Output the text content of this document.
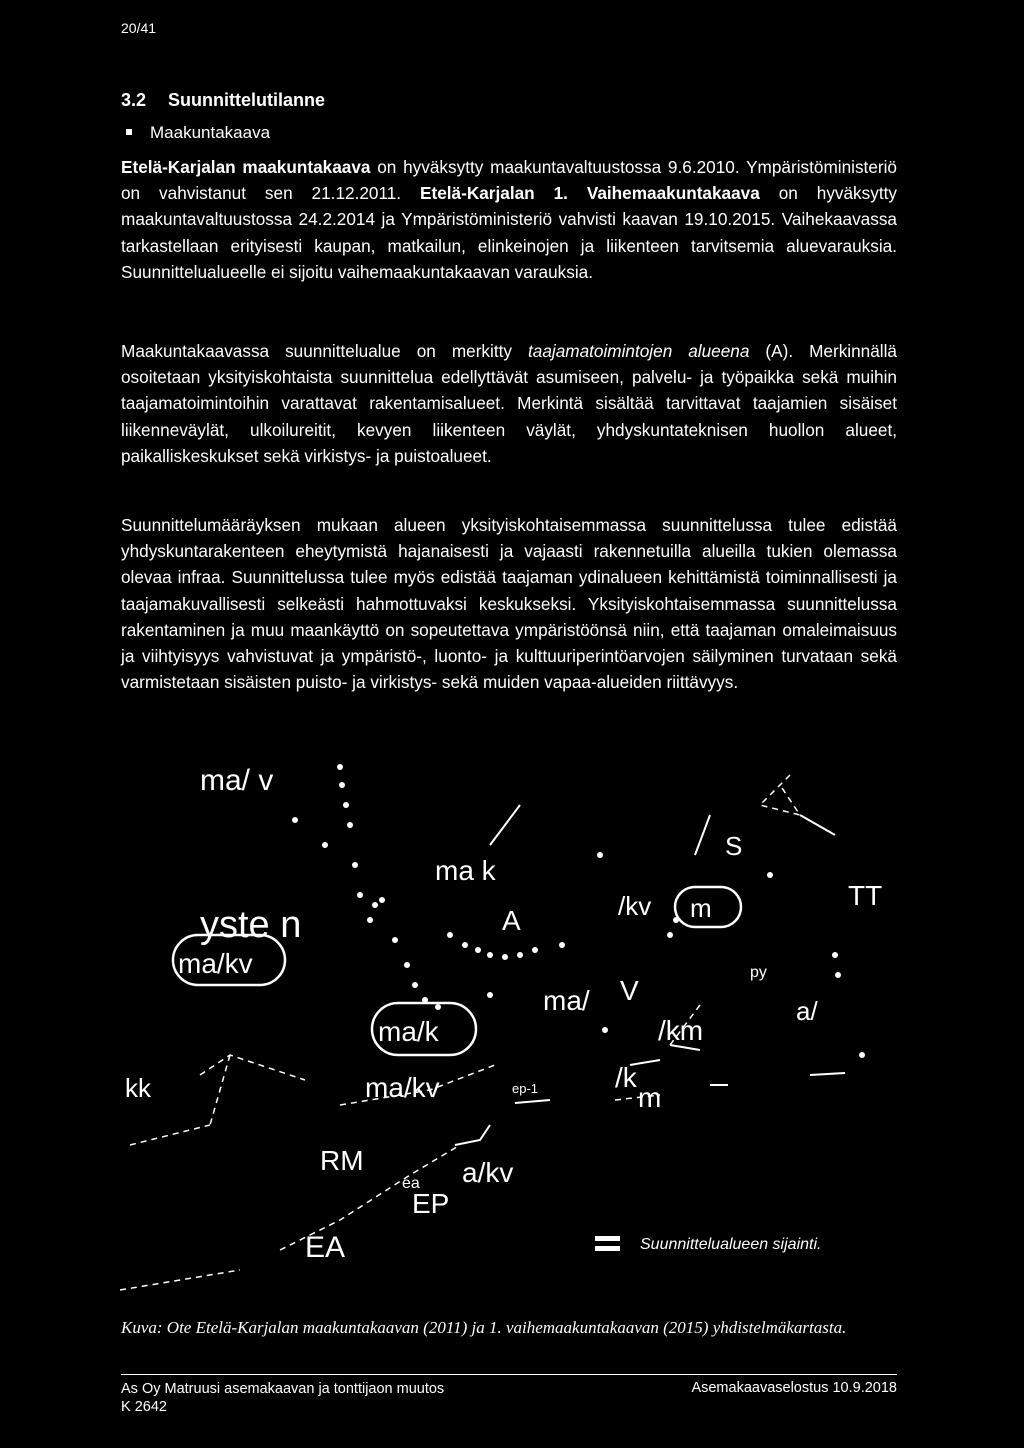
20/41
3.2 Suunnittelutilanne
Maakuntakaava
Etelä-Karjalan maakuntakaava on hyväksytty maakuntavaltuustossa 9.6.2010. Ympäristöministeriö on vahvistanut sen 21.12.2011. Etelä-Karjalan 1. Vaihemaakuntakaava on hyväksytty maakuntavaltuustossa 24.2.2014 ja Ympäristöministeriö vahvisti kaavan 19.10.2015. Vaihekaavassa tarkastellaan erityisesti kaupan, matkailun, elinkeinojen ja liikenteen tarvitsemia aluevarauksia. Suunnittelualueelle ei sijoitu vaihemaakuntakaavan varauksia.
Maakuntakaavassa suunnittelualue on merkitty taajamatoimintojen alueena (A). Merkinnällä osoitetaan yksityiskohtaista suunnittelua edellyttävät asumiseen, palvelu- ja työpaikka sekä muihin taajamatoimintoihin varattavat rakentamisalueet. Merkintä sisältää tarvittavat taajamien sisäiset liikenneväylät, ulkoilureitit, kevyen liikenteen väylät, yhdyskuntateknisen huollon alueet, paikalliskeskukset sekä virkistys- ja puistoalueet.
Suunnittelumääräyksen mukaan alueen yksityiskohtaisemmassa suunnittelussa tulee edistää yhdyskuntarakenteen eheytymistä hajanaisesti ja vajaasti rakennetuilla alueilla tukien olemassa olevaa infraa. Suunnittelussa tulee myös edistää taajaman ydinalueen kehittämistä toiminnallisesti ja taajamakuvallisesti selkeästi hahmottuvaksi keskukseksi. Yksityiskohtaisemmassa suunnittelussa rakentaminen ja muu maankäyttö on sopeutettava ympäristöönsä niin, että taajaman omaleimaisuus ja viihtyisyys vahvistuvat ja ympäristö-, luonto- ja kulttuuriperintöarvojen säilyminen turvataan sekä varmistetaan sisäisten puisto- ja virkistys- sekä muiden vapaa-alueiden riittävyys.
ma/ v
ma k
yste n	A	/kv m
S
TT
ma/kv	py
ma/ V
/km
a/
ma/k
kk	ma/kv	ep-1	/k
m
RM
ea a/kv
EP
EA	Suunnittelualueen sijainti.
Kuva: Ote Etelä-Karjalan maakuntakaavan (2011) ja 1. vaihemaakuntakaavan (2015) yhdistelmäkartasta.
As Oy Matruusi asemakaavan ja tonttijaon muutos
K 2642
Asemakaavaselostus 10.9.2018
